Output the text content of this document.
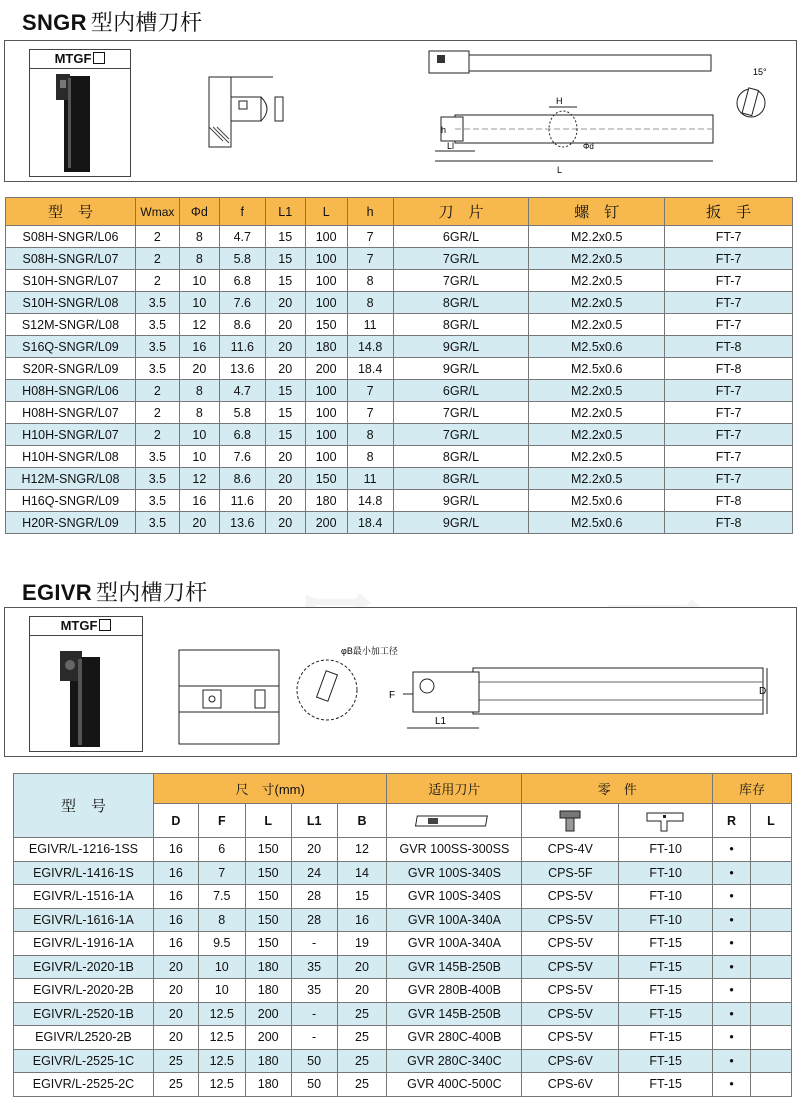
SNGR 型内槽刀杆
MTGF
H
h
Ll
L
Φd
15°
型　号	Wmax	Φd	f	L1	L	h	刀　片	螺　钉	扳　手
S08H-SNGR/L06	2	8	4.7	15	100	7	6GR/L	M2.2x0.5	FT-7
S08H-SNGR/L07	2	8	5.8	15	100	7	7GR/L	M2.2x0.5	FT-7
S10H-SNGR/L07	2	10	6.8	15	100	8	7GR/L	M2.2x0.5	FT-7
S10H-SNGR/L08	3.5	10	7.6	20	100	8	8GR/L	M2.2x0.5	FT-7
S12M-SNGR/L08	3.5	12	8.6	20	150	11	8GR/L	M2.2x0.5	FT-7
S16Q-SNGR/L09	3.5	16	11.6	20	180	14.8	9GR/L	M2.5x0.6	FT-8
S20R-SNGR/L09	3.5	20	13.6	20	200	18.4	9GR/L	M2.5x0.6	FT-8
H08H-SNGR/L06	2	8	4.7	15	100	7	6GR/L	M2.2x0.5	FT-7
H08H-SNGR/L07	2	8	5.8	15	100	7	7GR/L	M2.2x0.5	FT-7
H10H-SNGR/L07	2	10	6.8	15	100	8	7GR/L	M2.2x0.5	FT-7
H10H-SNGR/L08	3.5	10	7.6	20	100	8	8GR/L	M2.2x0.5	FT-7
H12M-SNGR/L08	3.5	12	8.6	20	150	11	8GR/L	M2.2x0.5	FT-7
H16Q-SNGR/L09	3.5	16	11.6	20	180	14.8	9GR/L	M2.5x0.6	FT-8
H20R-SNGR/L09	3.5	20	13.6	20	200	18.4	9GR/L	M2.5x0.6	FT-8
EGIVR 型内槽刀杆
MTGF
φB最小加工径
F
L1
D
型　号	尺　寸(mm)					适用刀片	零　件		库存	
	D	F	L	L1	B				R	L
EGIVR/L-1216-1SS	16	6	150	20	12	GVR 100SS-300SS	CPS-4V	FT-10	•	
EGIVR/L-1416-1S	16	7	150	24	14	GVR 100S-340S	CPS-5F	FT-10	•	
EGIVR/L-1516-1A	16	7.5	150	28	15	GVR 100S-340S	CPS-5V	FT-10	•	
EGIVR/L-1616-1A	16	8	150	28	16	GVR 100A-340A	CPS-5V	FT-10	•	
EGIVR/L-1916-1A	16	9.5	150	-	19	GVR 100A-340A	CPS-5V	FT-15	•	
EGIVR/L-2020-1B	20	10	180	35	20	GVR 145B-250B	CPS-5V	FT-15	•	
EGIVR/L-2020-2B	20	10	180	35	20	GVR 280B-400B	CPS-5V	FT-15	•	
EGIVR/L-2520-1B	20	12.5	200	-	25	GVR 145B-250B	CPS-5V	FT-15	•	
EGIVR/L2520-2B	20	12.5	200	-	25	GVR 280C-400B	CPS-5V	FT-15	•	
EGIVR/L-2525-1C	25	12.5	180	50	25	GVR 280C-340C	CPS-6V	FT-15	•	
EGIVR/L-2525-2C	25	12.5	180	50	25	GVR 400C-500C	CPS-6V	FT-15	•	
